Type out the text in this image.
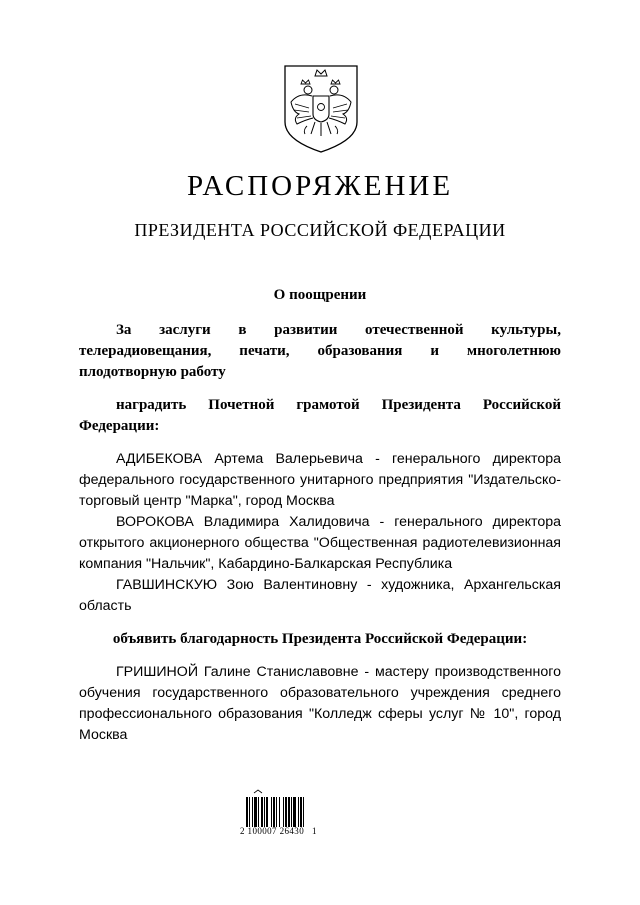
РАСПОРЯЖЕНИЕ
ПРЕЗИДЕНТА РОССИЙСКОЙ ФЕДЕРАЦИИ
О поощрении

За заслуги в развитии отечественной культуры, телерадиовещания, печати, образования и многолетнюю плодотворную работу

наградить Почетной грамотой Президента Российской Федерации:

АДИБЕКОВА Артема Валерьевича - генерального директора федерального государственного унитарного предприятия "Издательско-торговый центр "Марка", город Москва

ВОРОКОВА Владимира Халидовича - генерального директора открытого акционерного общества "Общественная радиотелевизионная компания "Нальчик", Кабардино-Балкарская Республика

ГАВШИНСКУЮ Зою Валентиновну - художника, Архангельская область

объявить благодарность Президента Российской Федерации:

ГРИШИНОЙ Галине Станиславовне - мастеру производственного обучения государственного образовательного учреждения среднего профессионального образования "Колледж сферы услуг № 10", город Москва

2 100007 26430   1
